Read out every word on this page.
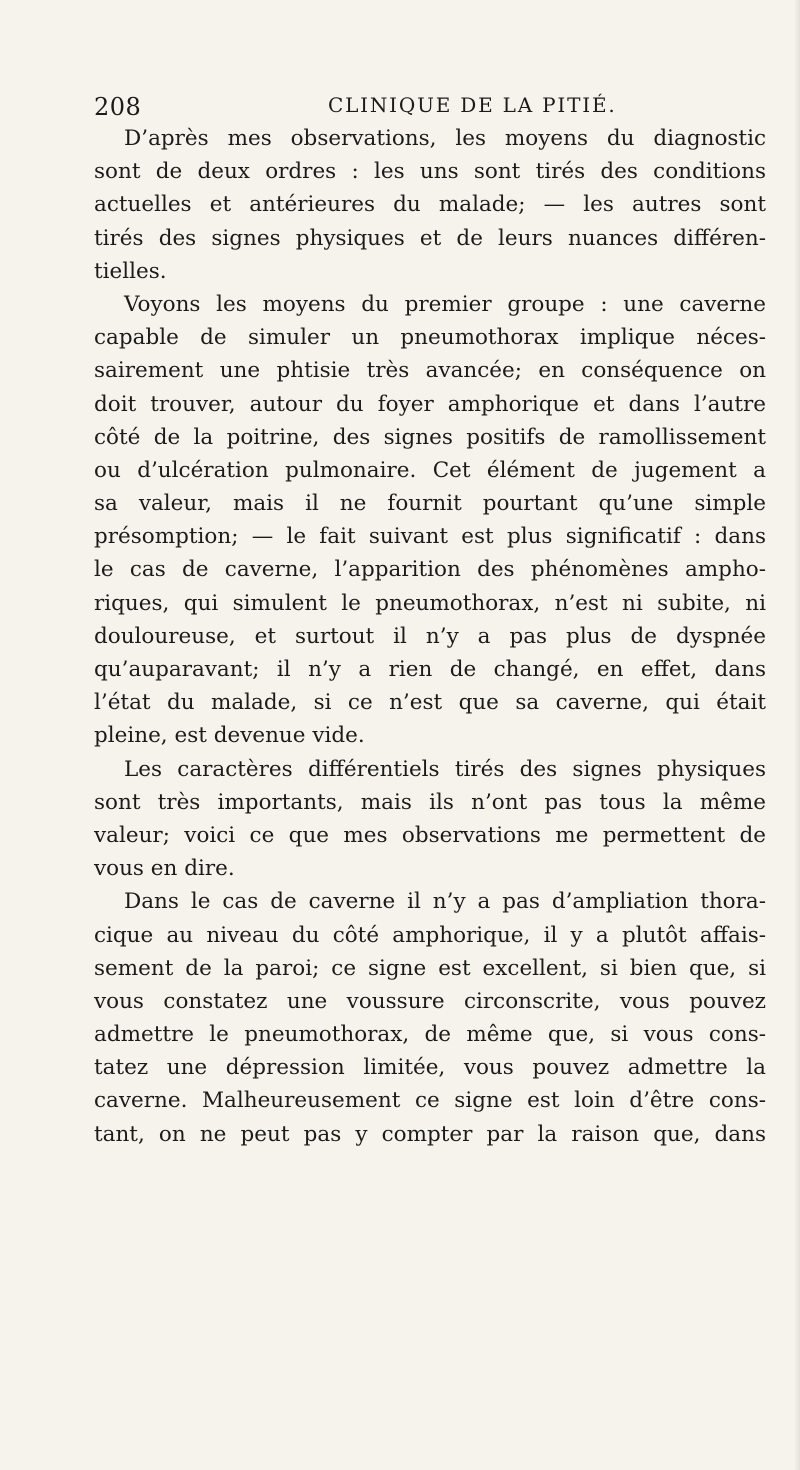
208	CLINIQUE DE LA PITIÉ.
D’après mes observations, les moyens du diagnostic
sont de deux ordres : les uns sont tirés des conditions
actuelles et antérieures du malade; — les autres sont
tirés des signes physiques et de leurs nuances différen-
tielles.
Voyons les moyens du premier groupe : une caverne
capable de simuler un pneumothorax implique néces-
sairement une phtisie très avancée; en conséquence on
doit trouver, autour du foyer amphorique et dans l’autre
côté de la poitrine, des signes positifs de ramollissement
ou d’ulcération pulmonaire. Cet élément de jugement a
sa valeur, mais il ne fournit pourtant qu’une simple
présomption; — le fait suivant est plus significatif : dans
le cas de caverne, l’apparition des phénomènes ampho-
riques, qui simulent le pneumothorax, n’est ni subite, ni
douloureuse, et surtout il n’y a pas plus de dyspnée
qu’auparavant; il n’y a rien de changé, en effet, dans
l’état du malade, si ce n’est que sa caverne, qui était
pleine, est devenue vide.
Les caractères différentiels tirés des signes physiques
sont très importants, mais ils n’ont pas tous la même
valeur; voici ce que mes observations me permettent de
vous en dire.
Dans le cas de caverne il n’y a pas d’ampliation thora-
cique au niveau du côté amphorique, il y a plutôt affais-
sement de la paroi; ce signe est excellent, si bien que, si
vous constatez une voussure circonscrite, vous pouvez
admettre le pneumothorax, de même que, si vous cons-
tatez une dépression limitée, vous pouvez admettre la
caverne. Malheureusement ce signe est loin d’être cons-
tant, on ne peut pas y compter par la raison que, dans
